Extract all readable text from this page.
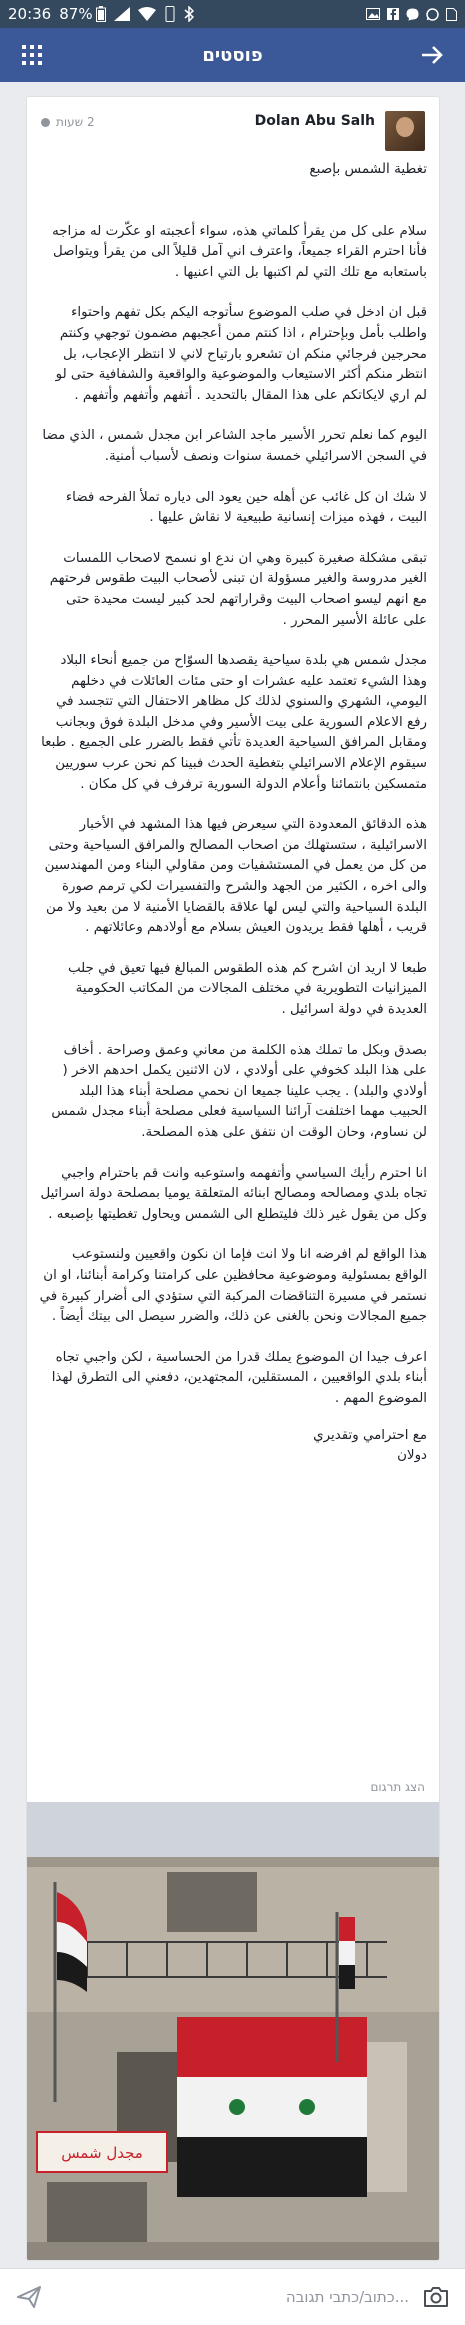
20:36 87%
פוסטים
Dolan Abu Salh
2 שעות

تغطية الشمس بإصبع

سلام على كل من يقرأ كلماتي هذه، سواء أعجبته او عكّرت له مزاجه فأنا احترم القراء جميعاً، واعترف اني آمل قليلاً الى من يقرأ ويتواصل باستعابه مع تلك التي لم اكتبها بل التي اعنيها .

قبل ان ادخل في صلب الموضوع سأتوجه اليكم بكل تفهم واحتواء واطلب بأمل وبإحترام ، اذا كنتم ممن أعجبهم مضمون توجهي وكنتم محرجين فرجائي منكم ان تشعرو بارتياح لاني لا انتظر الإعجاب، بل انتظر منكم أكثر الاستيعاب والموضوعية والواقعية والشفافية حتى لو لم اري لايكاتكم على هذا المقال بالتحديد . أتفهم وأتفهم وأتفهم .

اليوم كما نعلم تحرر الأسير ماجد الشاعر ابن مجدل شمس ، الذي مضا في السجن الاسرائيلي خمسة سنوات ونصف لأسباب أمنية.

لا شك ان كل غائب عن أهله حين يعود الى دياره تملأ الفرحه فضاء البيت ، فهذه ميزات إنسانية طبيعية لا نقاش عليها .

تبقى مشكلة صغيرة كبيرة وهي ان ندع او نسمح لاصحاب اللمسات الغير مدروسة والغير مسؤولة ان تبنى لأصحاب البيت طقوس فرحتهم مع انهم ليسو اصحاب البيت وقراراتهم لحد كبير ليست محيدة حتى على عائلة الأسير المحرر .

مجدل شمس هي بلدة سياحية يقصدها السوّاح من جميع أنحاء البلاد وهذا الشيء تعتمد عليه عشرات او حتى مئات العائلات في دخلهم اليومي، الشهري والسنوي لذلك كل مظاهر الاحتفال التي تتجسد في رفع الاعلام السورية على بيت الأسير وفي مدخل البلدة فوق وبجانب ومقابل المرافق السياحية العديدة تأتي فقط بالضرر على الجميع . طبعا سيقوم الإعلام الاسرائيلي بتغطية الحدث فبينا كم نحن عرب سوريين متمسكين بانتمائنا وأعلام الدولة السورية ترفرف في كل مكان .

هذه الدقائق المعدودة التي سيعرض فيها هذا المشهد في الأخبار الاسرائيلية ، ستستهلك من اصحاب المصالح والمرافق السياحية وحتى من كل من يعمل في المستشفيات ومن مقاولي البناء ومن المهندسين والى اخره ، الكثير من الجهد والشرح والتفسيرات لكي ترمم صورة البلدة السياحية والتي ليس لها علاقة بالقضايا الأمنية لا من بعيد ولا من قريب ، أهلها فقط يريدون العيش بسلام مع أولادهم وعائلاتهم .

طبعا لا اريد ان اشرح كم هذه الطقوس المبالغ فيها تعيق في جلب الميزانيات التطويرية في مختلف المجالات من المكاتب الحكومية العديدة في دولة اسرائيل .

بصدق وبكل ما تملك هذه الكلمة من معاني وعمق وصراحة . أخاف على هذا البلد كخوفي على أولادي ، لان الاثنين يكمل احدهم الاخر ( أولادي والبلد) . يجب علينا جميعا ان نحمي مصلحة أبناء هذا البلد الحبيب مهما اختلفت آرائنا السياسية فعلى مصلحة أبناء مجدل شمس لن نساوم، وحان الوقت ان نتفق على هذه المصلحة.

انا احترم رأيك السياسي وأتفهمه واستوعبه وانت قم باحترام واجبي تجاه بلدي ومصالحه ومصالح ابنائه المتعلقة يوميا بمصلحة دولة اسرائيل وكل من يقول غير ذلك فليتطلع الى الشمس ويحاول تغطيتها بإصبعه .

هذا الواقع لم افرضه انا ولا انت فإما ان نكون واقعيين ولنستوعب الواقع بمسئولية وموضوعية محافظين على كرامتنا وكرامة أبنائنا، او ان نستمر في مسيرة التناقضات المركبة التي ستؤدي الى أضرار كبيرة في جميع المجالات ونحن بالغنى عن ذلك، والضرر سيصل الى بيتك أيضاً .

اعرف جيدا ان الموضوع يملك قدرا من الحساسية ، لكن واجبي تجاه أبناء بلدي الواقعيين ، المستقلين، المجتهدين، دفعني الى التطرق لهذا الموضوع المهم .

مع احترامي وتقديري
دولان
הצג תרגום
مجدل شمس
כתוב/כתבי תגובה...
